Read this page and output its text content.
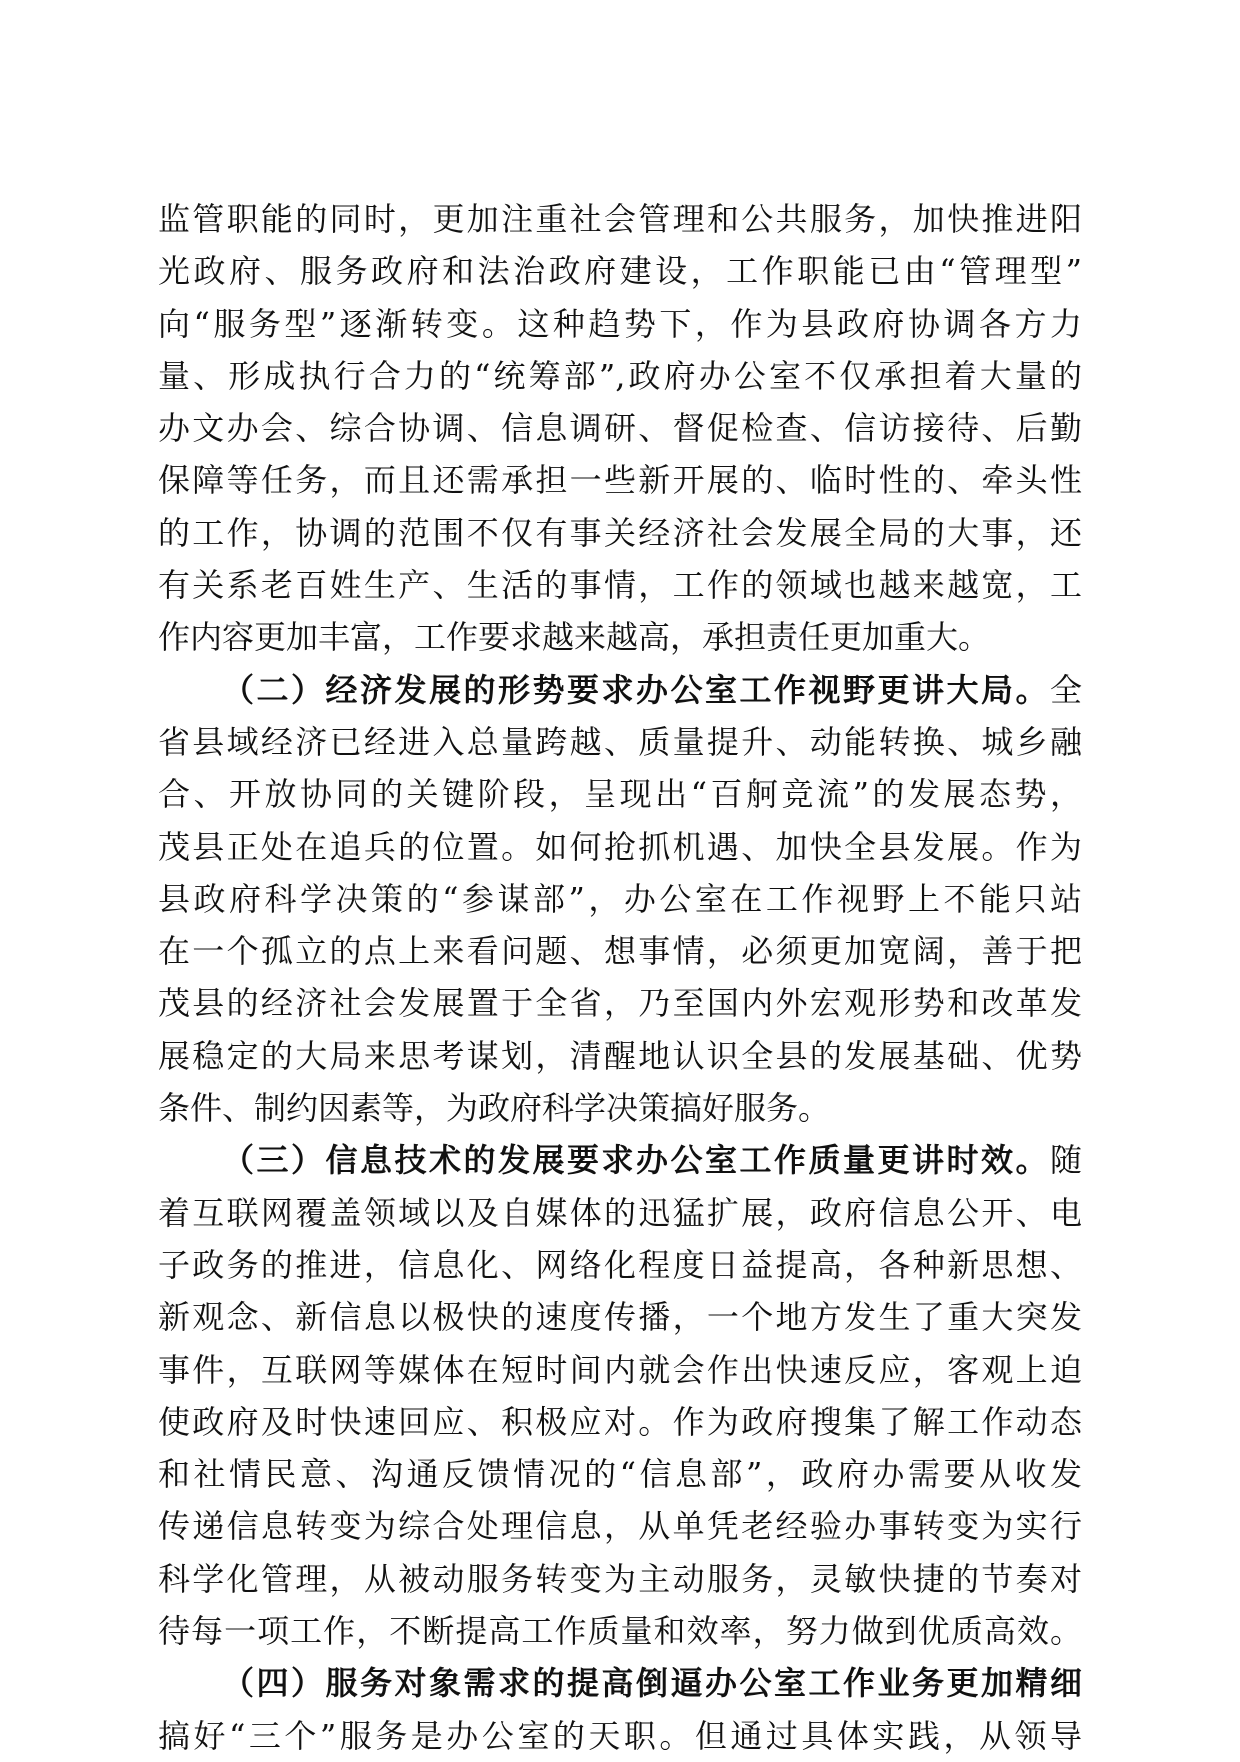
监管职能的同时，更加注重社会管理和公共服务，加快推进阳
光政府、服务政府和法治政府建设，工作职能已由“管理型”
向“服务型”逐渐转变。这种趋势下，作为县政府协调各方力
量、形成执行合力的“统筹部”,政府办公室不仅承担着大量的
办文办会、综合协调、信息调研、督促检查、信访接待、后勤
保障等任务，而且还需承担一些新开展的、临时性的、牵头性
的工作，协调的范围不仅有事关经济社会发展全局的大事，还
有关系老百姓生产、生活的事情，工作的领域也越来越宽，工
作内容更加丰富，工作要求越来越高，承担责任更加重大。
（二）经济发展的形势要求办公室工作视野更讲大局。全
省县域经济已经进入总量跨越、质量提升、动能转换、城乡融
合、开放协同的关键阶段，呈现出“百舸竞流”的发展态势，
茂县正处在追兵的位置。如何抢抓机遇、加快全县发展。作为
县政府科学决策的“参谋部”，办公室在工作视野上不能只站
在一个孤立的点上来看问题、想事情，必须更加宽阔，善于把
茂县的经济社会发展置于全省，乃至国内外宏观形势和改革发
展稳定的大局来思考谋划，清醒地认识全县的发展基础、优势
条件、制约因素等，为政府科学决策搞好服务。
（三）信息技术的发展要求办公室工作质量更讲时效。随
着互联网覆盖领域以及自媒体的迅猛扩展，政府信息公开、电
子政务的推进，信息化、网络化程度日益提高，各种新思想、
新观念、新信息以极快的速度传播，一个地方发生了重大突发
事件，互联网等媒体在短时间内就会作出快速反应，客观上迫
使政府及时快速回应、积极应对。作为政府搜集了解工作动态
和社情民意、沟通反馈情况的“信息部”，政府办需要从收发
传递信息转变为综合处理信息，从单凭老经验办事转变为实行
科学化管理，从被动服务转变为主动服务，灵敏快捷的节奏对
待每一项工作，不断提高工作质量和效率，努力做到优质高效。
（四）服务对象需求的提高倒逼办公室工作业务更加精细
搞好“三个”服务是办公室的天职。但通过具体实践，从领导
